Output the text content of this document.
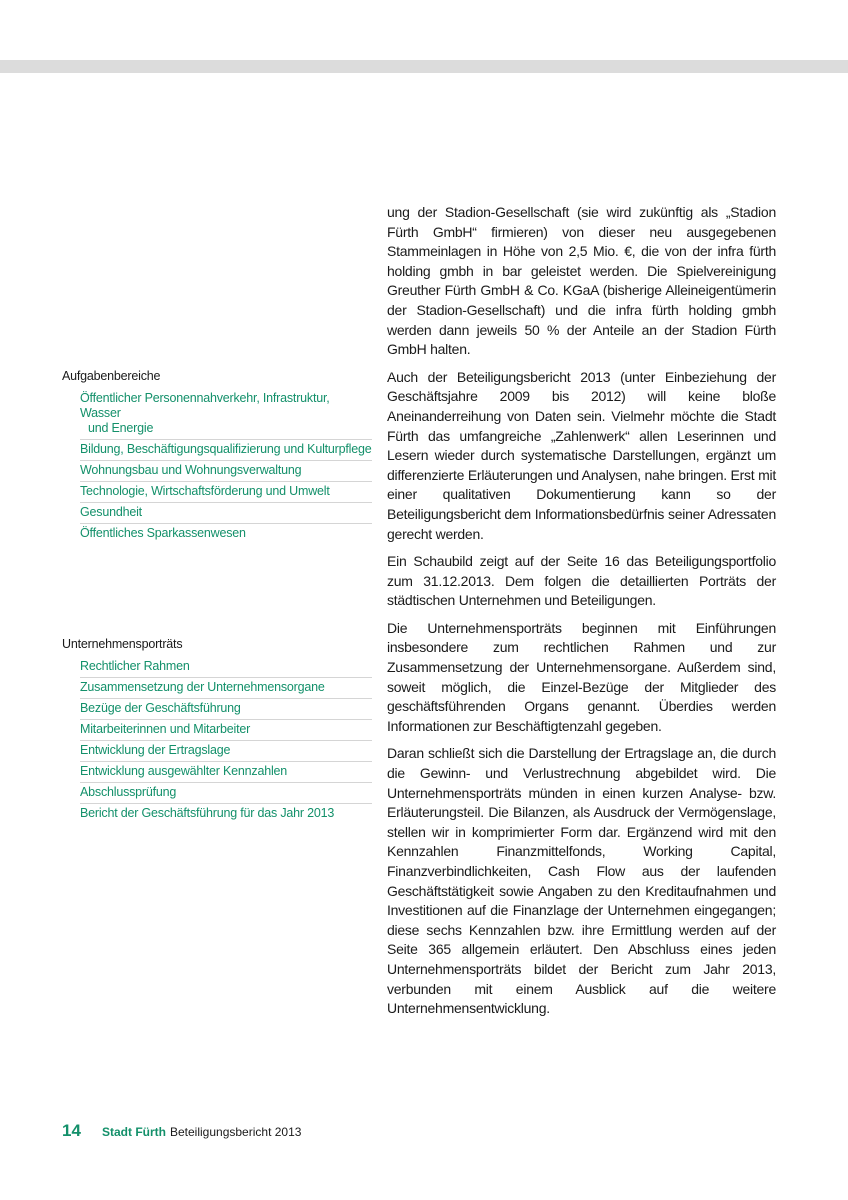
ung der Stadion-Gesellschaft (sie wird zukünftig als „Stadion Fürth GmbH“ firmieren) von dieser neu ausgegebenen Stammeinlagen in Höhe von 2,5 Mio. €, die von der infra fürth holding gmbh in bar geleistet werden. Die Spielvereinigung Greuther Fürth GmbH & Co. KGaA (bisherige Alleineigentümerin der Stadion-Gesellschaft) und die infra fürth holding gmbh werden dann jeweils 50 % der Anteile an der Stadion Fürth GmbH halten.

Auch der Beteiligungsbericht 2013 (unter Einbeziehung der Geschäftsjahre 2009 bis 2012) will keine bloße Aneinanderreihung von Daten sein. Vielmehr möchte die Stadt Fürth das umfangreiche „Zahlenwerk“ allen Leserinnen und Lesern wieder durch systematische Darstellungen, ergänzt um differenzierte Erläuterungen und Analysen, nahe bringen. Erst mit einer qualitativen Dokumentierung kann so der Beteiligungsbericht dem Informationsbedürfnis seiner Adressaten gerecht werden.

Ein Schaubild zeigt auf der Seite 16 das Beteiligungsportfolio zum 31.12.2013. Dem folgen die detaillierten Porträts der städtischen Unternehmen und Beteiligungen.

Die Unternehmensporträts beginnen mit Einführungen insbesondere zum rechtlichen Rahmen und zur Zusammensetzung der Unternehmensorgane. Außerdem sind, soweit möglich, die Einzel-Bezüge der Mitglieder des geschäftsführenden Organs genannt. Überdies werden Informationen zur Beschäftigtenzahl gegeben.

Daran schließt sich die Darstellung der Ertragslage an, die durch die Gewinn- und Verlustrechnung abgebildet wird. Die Unternehmensporträts münden in einen kurzen Analyse- bzw. Erläuterungsteil. Die Bilanzen, als Ausdruck der Vermögenslage, stellen wir in komprimierter Form dar. Ergänzend wird mit den Kennzahlen Finanzmittelfonds, Working Capital, Finanzverbindlichkeiten, Cash Flow aus der laufenden Geschäftstätigkeit sowie Angaben zu den Kreditaufnahmen und Investitionen auf die Finanzlage der Unternehmen eingegangen; diese sechs Kennzahlen bzw. ihre Ermittlung werden auf der Seite 365 allgemein erläutert. Den Abschluss eines jeden Unternehmensporträts bildet der Bericht zum Jahr 2013, verbunden mit einem Ausblick auf die weitere Unternehmensentwicklung.

Aufgabenbereiche
Öffentlicher Personennahverkehr, Infrastruktur, Wasser
und Energie
Bildung, Beschäftigungsqualifizierung und Kulturpflege
Wohnungsbau und Wohnungsverwaltung
Technologie, Wirtschaftsförderung und Umwelt
Gesundheit
Öffentliches Sparkassenwesen
Unternehmensporträts
Rechtlicher Rahmen
Zusammensetzung der Unternehmensorgane
Bezüge der Geschäftsführung
Mitarbeiterinnen und Mitarbeiter
Entwicklung der Ertragslage
Entwicklung ausgewählter Kennzahlen
Abschlussprüfung
Bericht der Geschäftsführung für das Jahr 2013
14	Stadt Fürth Beteiligungsbericht 2013
